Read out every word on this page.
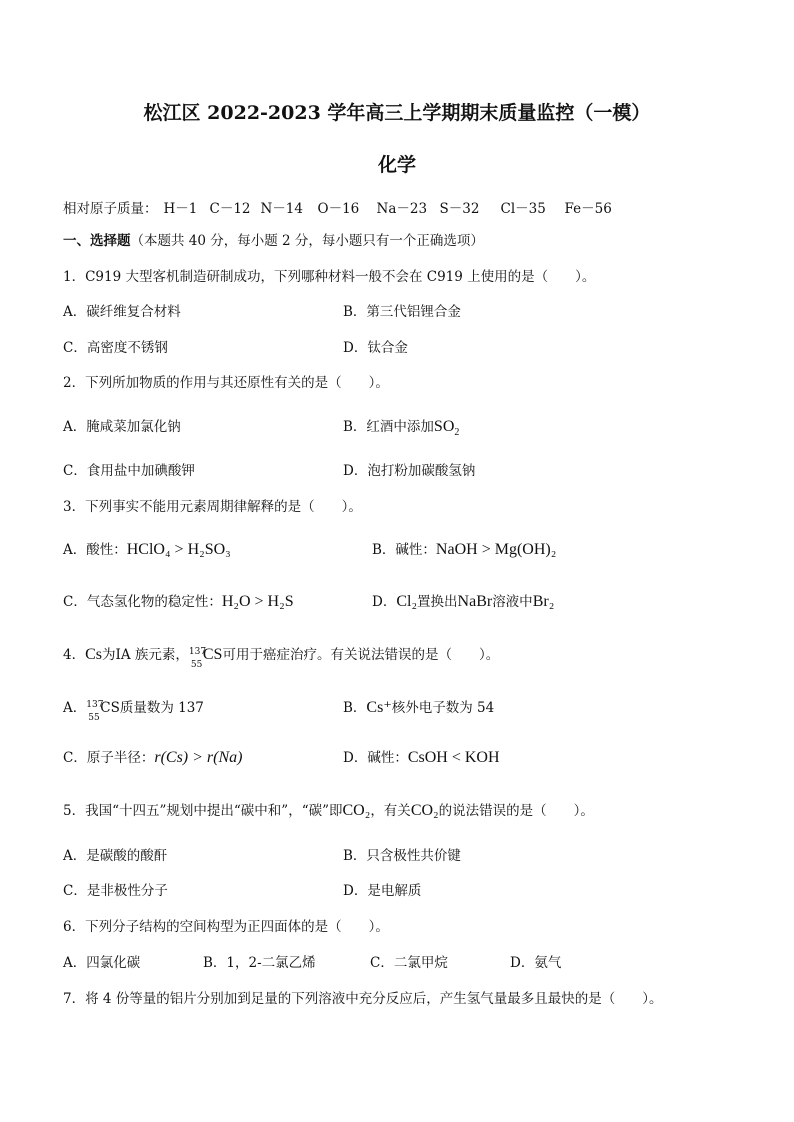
松江区 2022-2023 学年高三上学期期末质量监控（一模）
化学
相对原子质量： H－1 C－12 N－14 O－16 Na－23 S－32 Cl－35 Fe－56
一、选择题（本题共 40 分，每小题 2 分，每小题只有一个正确选项）
1．C919 大型客机制造研制成功，下列哪种材料一般不会在 C919 上使用的是（　　）。
A．碳纤维复合材料	B．第三代铝锂合金
C．高密度不锈钢	D．钛合金
2．下列所加物质的作用与其还原性有关的是（　　）。
A．腌咸菜加氯化钠	B．红酒中添加$SO_2$
C．食用盐中加碘酸钾	D．泡打粉加碳酸氢钠
3．下列事实不能用元素周期律解释的是（　　）。
A．酸性：HClO₄ > H₂SO₃	B．碱性：NaOH > Mg(OH)₂
C．气态氢化物的稳定性：H₂O > H₂S	D．Cl₂置换出NaBr溶液中Br₂
4．Cs为ⅠA 族元素， 137
55
CS可用于癌症治疗。有关说法错误的是（　　）。
A． 137
55
CS质量数为 137	B．Cs⁺核外电子数为 54
C．原子半径：r(Cs) > r(Na)	D．碱性：CsOH < KOH
5．我国“十四五”规划中提出“碳中和”，“碳”即CO₂，有关CO₂的说法错误的是（　　）。
A．是碳酸的酸酐	B．只含极性共价键
C．是非极性分子	D．是电解质
6．下列分子结构的空间构型为正四面体的是（　　）。
A．四氯化碳	B．1，2-二氯乙烯	C．二氯甲烷	D．氨气
7．将 4 份等量的铝片分别加到足量的下列溶液中充分反应后，产生氢气量最多且最快的是（　　）。
